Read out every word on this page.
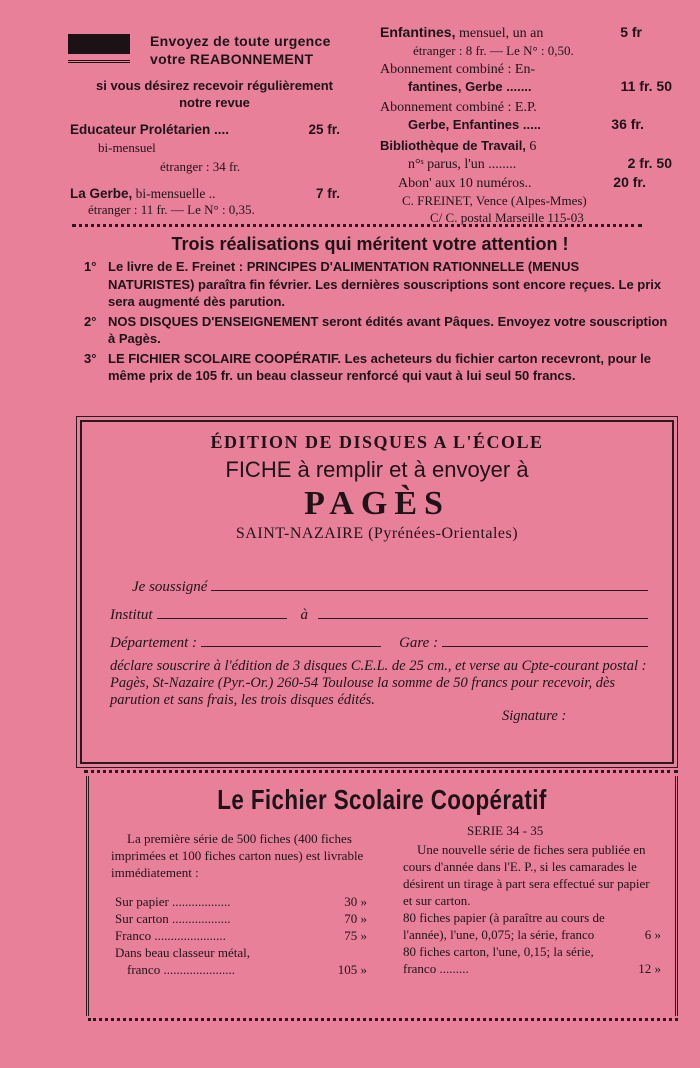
Envoyez de toute urgence
votre REABONNEMENT
si vous désirez recevoir régulièrement
notre revue
Educateur Prolétarien ....	25 fr.
bi-mensuel
étranger : 34 fr.
La Gerbe, bi-mensuelle ..	7 fr.
étranger : 11 fr. — Le N° : 0,35.
Enfantines, mensuel, un an	5 fr
étranger : 8 fr. — Le N° : 0,50.
Abonnement combiné : En-
fantines, Gerbe .......	11 fr. 50
Abonnement combiné : E.P.
Gerbe, Enfantines .....	36 fr.
Bibliothèque de Travail, 6
n°ˢ parus, l'un ........	2 fr. 50
Abon' aux 10 numéros..	20 fr.
C. FREINET, Vence (Alpes-Mmes)
C/ C. postal Marseille 115-03
Trois réalisations qui méritent votre attention !
1° Le livre de E. Freinet : PRINCIPES D'ALIMENTATION RATIONNELLE (MENUS NATURISTES) paraîtra fin février. Les dernières souscriptions sont encore reçues. Le prix sera augmenté dès parution.
2° NOS DISQUES D'ENSEIGNEMENT seront édités avant Pâques. Envoyez votre souscription à Pagès.
3° LE FICHIER SCOLAIRE COOPÉRATIF. Les acheteurs du fichier carton recevront, pour le même prix de 105 fr. un beau classeur renforcé qui vaut à lui seul 50 francs.
ÉDITION DE DISQUES A L'ÉCOLE
FICHE à remplir et à envoyer à
PAGÈS
SAINT-NAZAIRE (Pyrénées-Orientales)
Je soussigné
Institut	à
Département :	Gare :
déclare souscrire à l'édition de 3 disques C.E.L. de 25 cm., et verse au Cpte-courant postal : Pagès, St-Nazaire (Pyr.-Or.) 260-54 Toulouse la somme de 50 francs pour recevoir, dès parution et sans frais, les trois disques édités.
Signature :
Le Fichier Scolaire Coopératif
La première série de 500 fiches (400 fiches imprimées et 100 fiches carton nues) est livrable immédiatement :
Sur papier ..................	30 »
Sur carton ..................	70 »
Franco ......................	75 »
Dans beau classeur métal,
franco ......................	105 »
SERIE 34 - 35
Une nouvelle série de fiches sera publiée en cours d'année dans l'E. P., si les camarades le désirent un tirage à part sera effectué sur papier et sur carton.
80 fiches papier (à paraître au cours de l'année), l'une, 0,075; la série, franco	6 »
80 fiches carton, l'une, 0,15; la série, franco .........	12 »
